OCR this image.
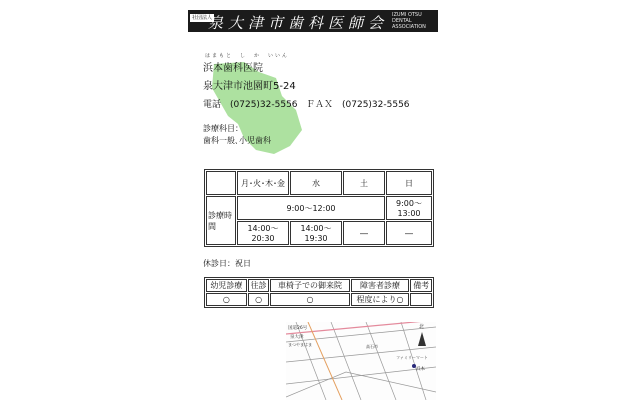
社団法人
泉大津市歯科医師会 IZUMI OTSU
DENTAL
ASSOCIATION
はまもと　し　か　いいん
浜本歯科医院
泉大津市池園町5-24
電話　(0725)32-5556 ＦＡＸ　(0725)32-5556
診療科目：
歯科一般､小児歯科
	月･火･木･金	水	土	日
診療時間	9:00〜12:00			9:00〜13:00
	14:00〜20:30	14:00〜19:30	―	―
休診日：祝日
幼児診療	往診	車椅子での御来院	障害者診療	備考
○	○	○	程度により○	
国道26号
泉大津
まつやまはま	高石市
ファミリーマート
浜本
北
